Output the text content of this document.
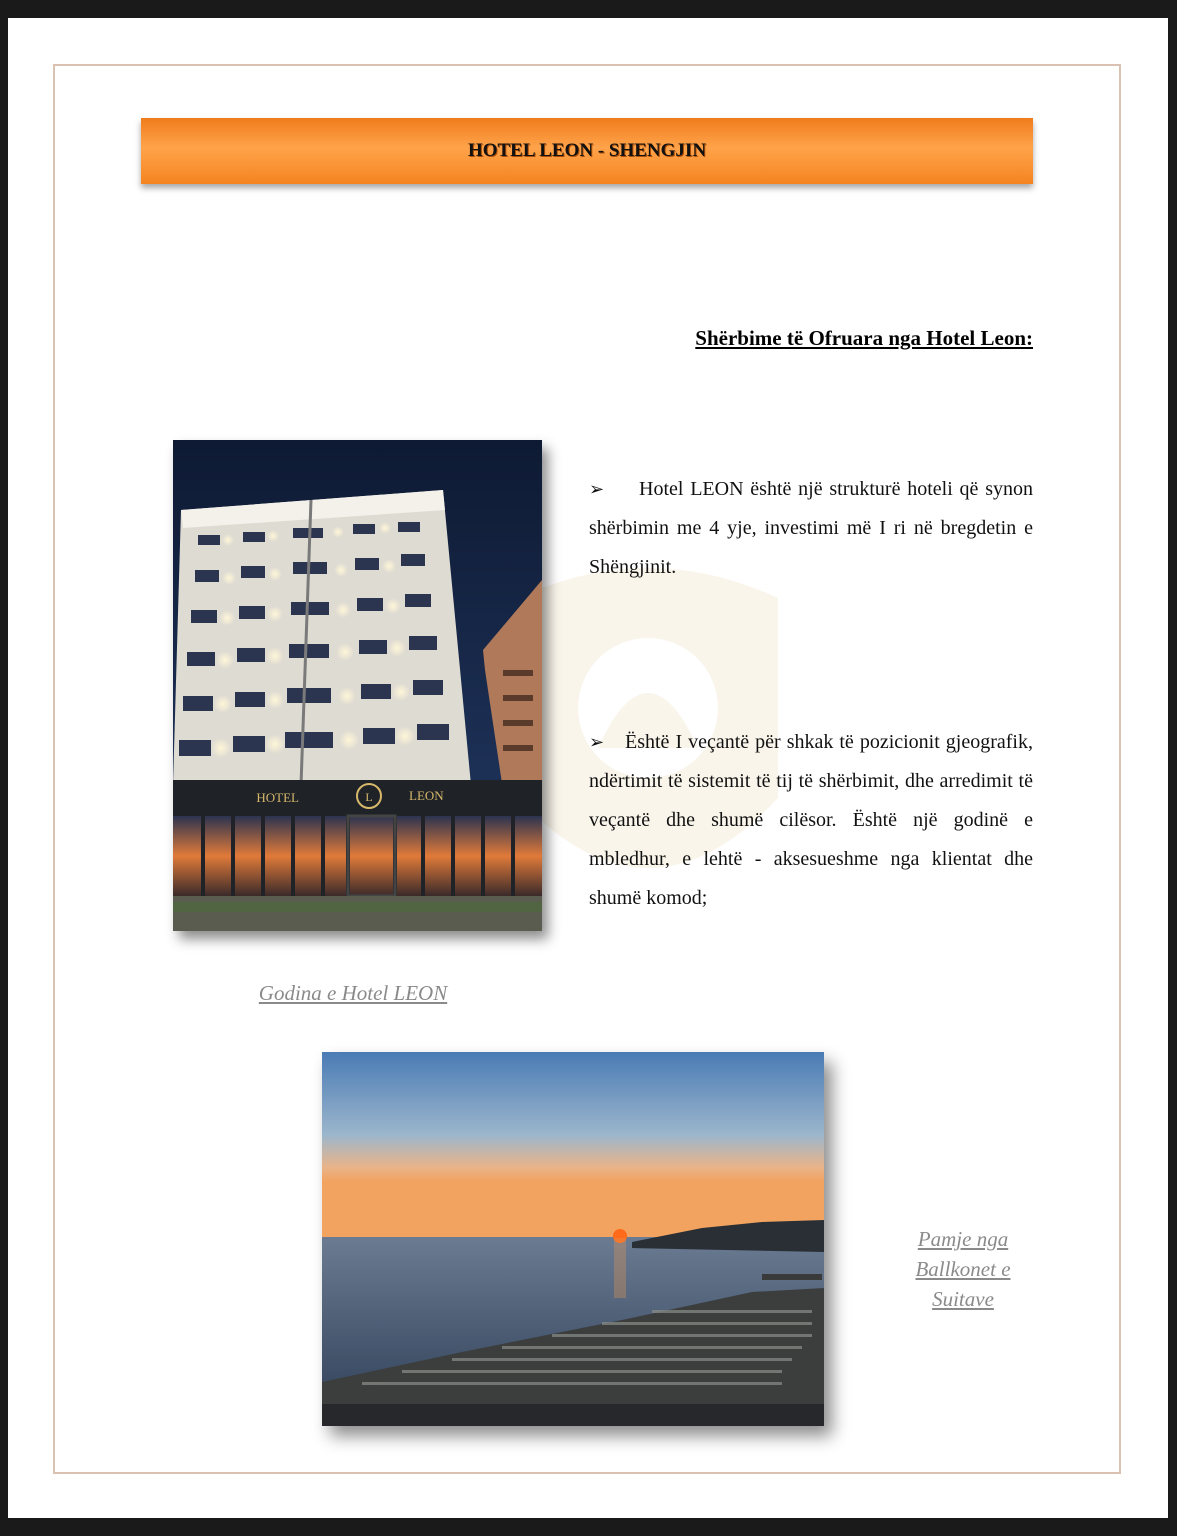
HOTEL LEON - SHENGJIN
Shërbime të Ofruara nga Hotel Leon:
HOTEL	L	LEON
Godina e Hotel LEON
➢ Hotel LEON është një strukturë hoteli që synon shërbimin me 4 yje, investimi më I ri në bregdetin e Shëngjinit.
➢ Është I veçantë për shkak të pozicionit gjeografik, ndërtimit të sistemit të tij të shërbimit, dhe arredimit të veçantë dhe shumë cilësor. Është një godinë e mbledhur, e lehtë - aksesueshme nga klientat dhe shumë komod;
Pamje nga Ballkonet e Suitave
